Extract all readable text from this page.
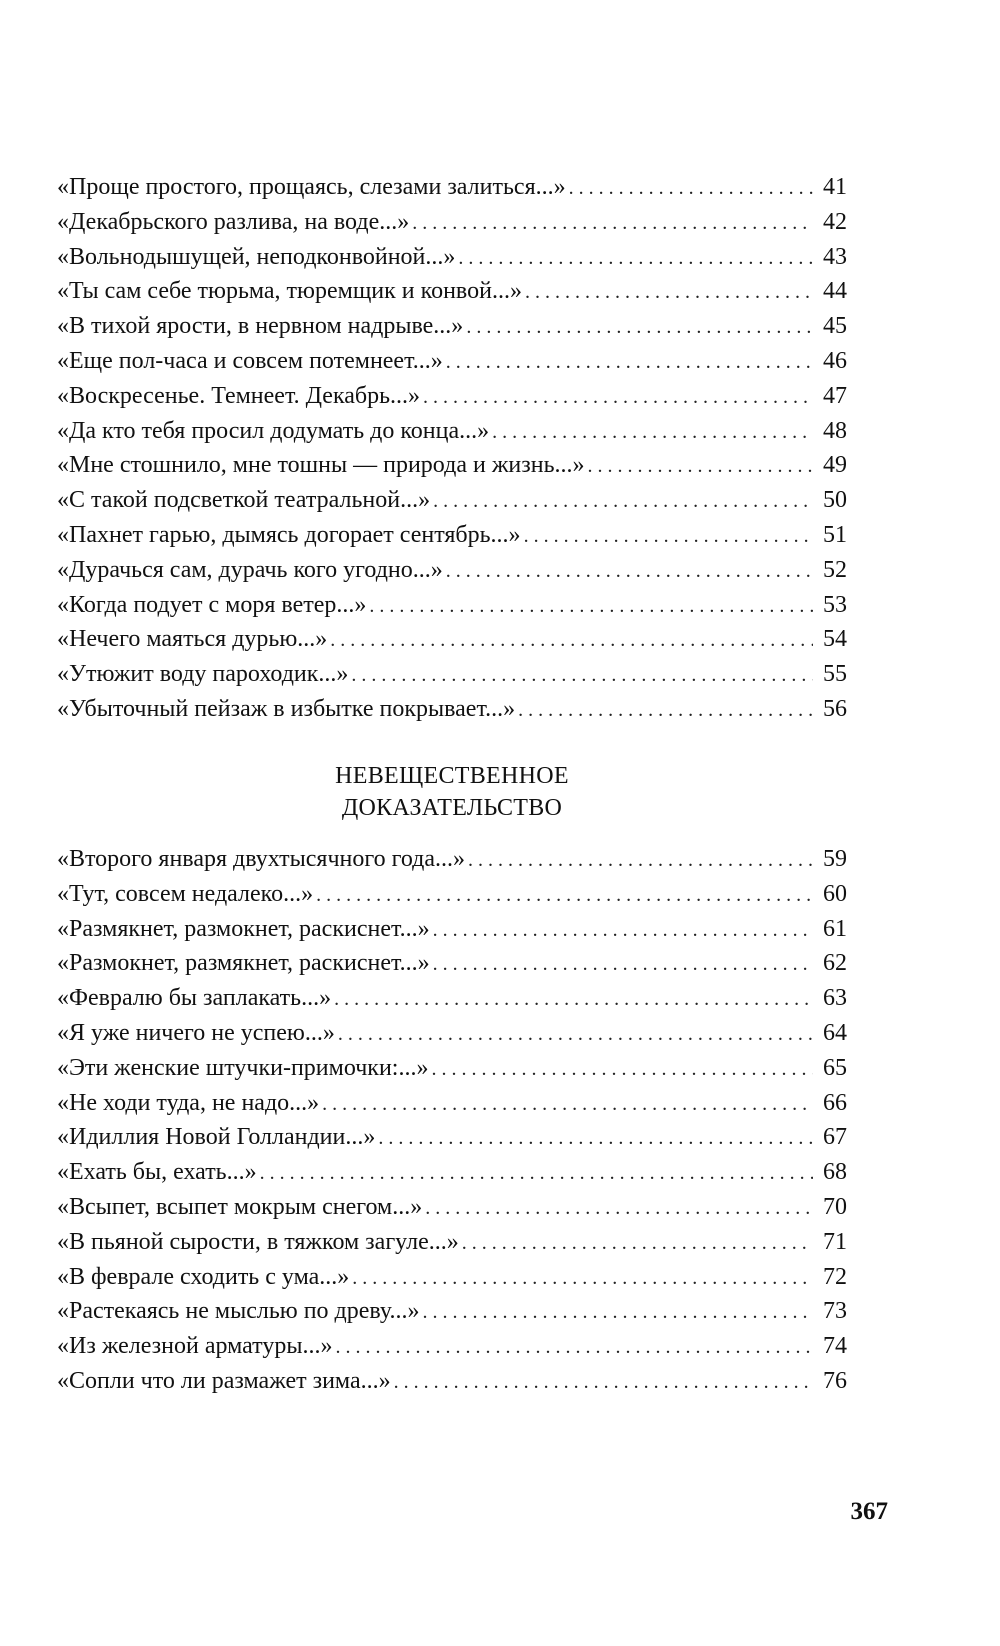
«Проще простого, прощаясь, слезами залиться...» . . .	41
«Декабрьского разлива, на воде...» . . .	42
«Вольнодышущей, неподконвойной...» . . .	43
«Ты сам себе тюрьма, тюремщик и конвой...» . . .	44
«В тихой ярости, в нервном надрыве...» . . .	45
«Еще пол-часа и совсем потемнеет...» . . .	46
«Воскресенье. Темнеет. Декабрь...» . . .	47
«Да кто тебя просил додумать до конца...» . . .	48
«Мне стошнило, мне тошны — природа и жизнь...» . . .	49
«С такой подсветкой театральной...» . . .	50
«Пахнет гарью, дымясь догорает сентябрь...» . . .	51
«Дурачься сам, дурачь кого угодно...» . . .	52
«Когда подует с моря ветер...» . . .	53
«Нечего маяться дурью...» . . .	54
«Утюжит воду пароходик...» . . .	55
«Убыточный пейзаж в избытке покрывает...» . . .	56
НЕВЕЩЕСТВЕННОЕ
ДОКАЗАТЕЛЬСТВО
«Второго января двухтысячного года...» . . .	59
«Тут, совсем недалеко...» . . .	60
«Размякнет, размокнет, раскиснет...» . . .	61
«Размокнет, размякнет, раскиснет...» . . .	62
«Февралю бы заплакать...» . . .	63
«Я уже ничего не успею...» . . .	64
«Эти женские штучки-примочки:...» . . .	65
«Не ходи туда, не надо...» . . .	66
«Идиллия Новой Голландии...» . . .	67
«Ехать бы, ехать...» . . .	68
«Всыпет, всыпет мокрым снегом...» . . .	70
«В пьяной сырости, в тяжком загуле...» . . .	71
«В феврале сходить с ума...» . . .	72
«Растекаясь не мыслью по древу...» . . .	73
«Из железной арматуры...» . . .	74
«Сопли что ли размажет зима...» . . .	76
367
